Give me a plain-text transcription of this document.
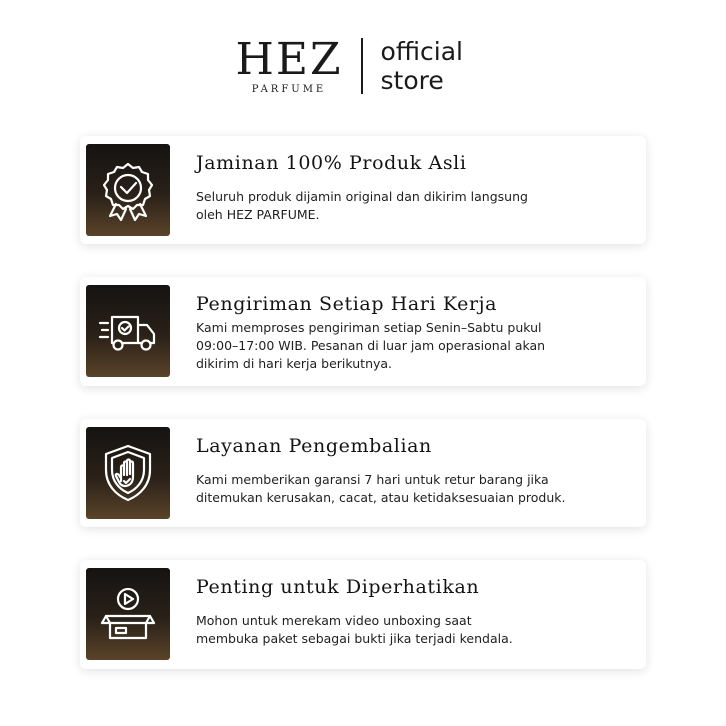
HEZ
PARFUME
official
store
Jaminan 100% Produk Asli
Seluruh produk dijamin original dan dikirim langsung
oleh HEZ PARFUME.
Pengiriman Setiap Hari Kerja
Kami memproses pengiriman setiap Senin–Sabtu pukul
09:00–17:00 WIB. Pesanan di luar jam operasional akan
dikirim di hari kerja berikutnya.
Layanan Pengembalian
Kami memberikan garansi 7 hari untuk retur barang jika
ditemukan kerusakan, cacat, atau ketidaksesuaian produk.
Penting untuk Diperhatikan
Mohon untuk merekam video unboxing saat
membuka paket sebagai bukti jika terjadi kendala.
